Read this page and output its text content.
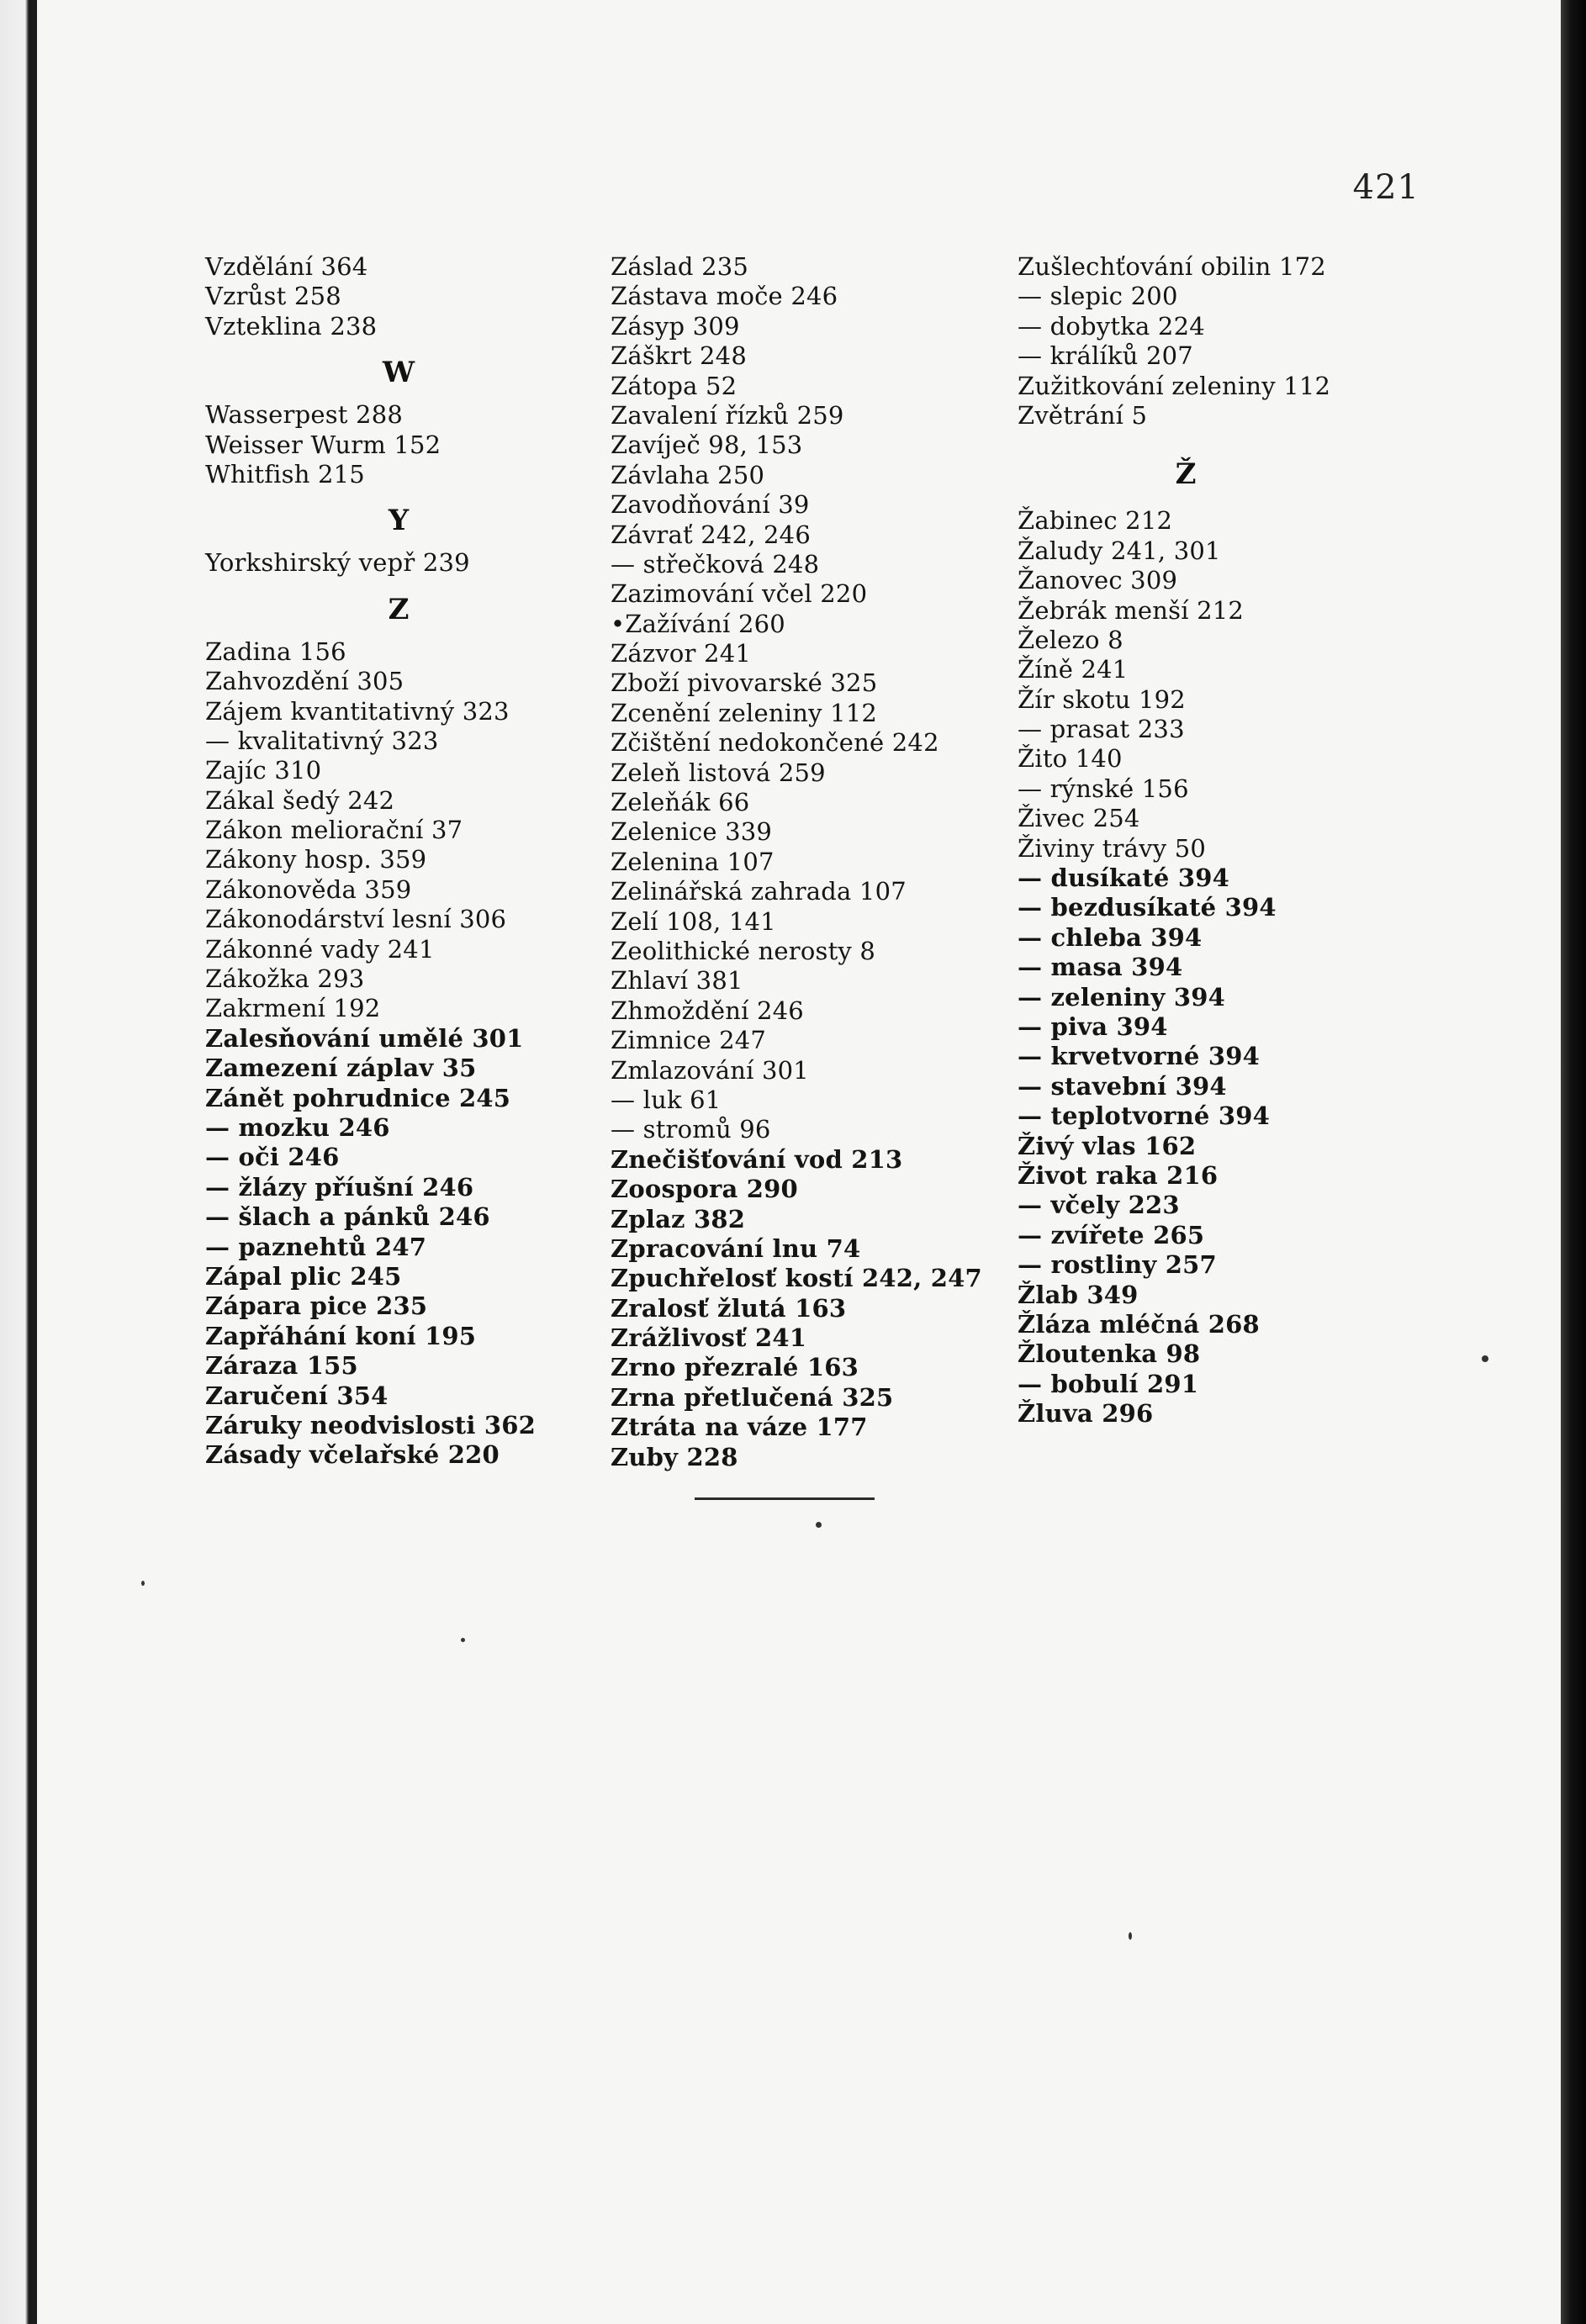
421
Vzdělání 364
Vzrůst 258
Vzteklina 238
W
Wasserpest 288
Weisser Wurm 152
Whitfish 215
Y
Yorkshirský vepř 239
Z
Zadina 156
Zahvozdění 305
Zájem kvantitativný 323
— kvalitativný 323
Zajíc 310
Zákal šedý 242
Zákon meliorační 37
Zákony hosp. 359
Zákonověda 359
Zákonodárství lesní 306
Zákonné vady 241
Zákožka 293
Zakrmení 192
Zalesňování umělé 301
Zamezení záplav 35
Zánět pohrudnice 245
— mozku 246
— oči 246
— žlázy příušní 246
— šlach a pánků 246
— paznehtů 247
Zápal plic 245
Zápara pice 235
Zapřáhání koní 195
Záraza 155
Zaručení 354
Záruky neodvislosti 362
Zásady včelařské 220
Záslad 235
Zástava moče 246
Zásyp 309
Záškrt 248
Zátopa 52
Zavalení řízků 259
Zavíječ 98, 153
Závlaha 250
Zavodňování 39
Závrať 242, 246
— střečková 248
Zazimování včel 220
•Zažívání 260
Zázvor 241
Zboží pivovarské 325
Zcenění zeleniny 112
Zčištění nedokončené 242
Zeleň listová 259
Zeleňák 66
Zelenice 339
Zelenina 107
Zelinářská zahrada 107
Zelí 108, 141
Zeolithické nerosty 8
Zhlaví 381
Zhmoždění 246
Zimnice 247
Zmlazování 301
— luk 61
— stromů 96
Znečišťování vod 213
Zoospora 290
Zplaz 382
Zpracování lnu 74
Zpuchřelosť kostí 242, 247
Zralosť žlutá 163
Zrážlivosť 241
Zrno přezralé 163
Zrna přetlučená 325
Ztráta na váze 177
Zuby 228
Zušlechťování obilin 172
— slepic 200
— dobytka 224
— králíků 207
Zužitkování zeleniny 112
Zvětrání 5
Ž
Žabinec 212
Žaludy 241, 301
Žanovec 309
Žebrák menší 212
Železo 8
Žíně 241
Žír skotu 192
— prasat 233
Žito 140
— rýnské 156
Živec 254
Živiny trávy 50
— dusíkaté 394
— bezdusíkaté 394
— chleba 394
— masa 394
— zeleniny 394
— piva 394
— krvetvorné 394
— stavební 394
— teplotvorné 394
Živý vlas 162
Život raka 216
— včely 223
— zvířete 265
— rostliny 257
Žlab 349
Žláza mléčná 268
Žloutenka 98
— bobulí 291
Žluva 296
